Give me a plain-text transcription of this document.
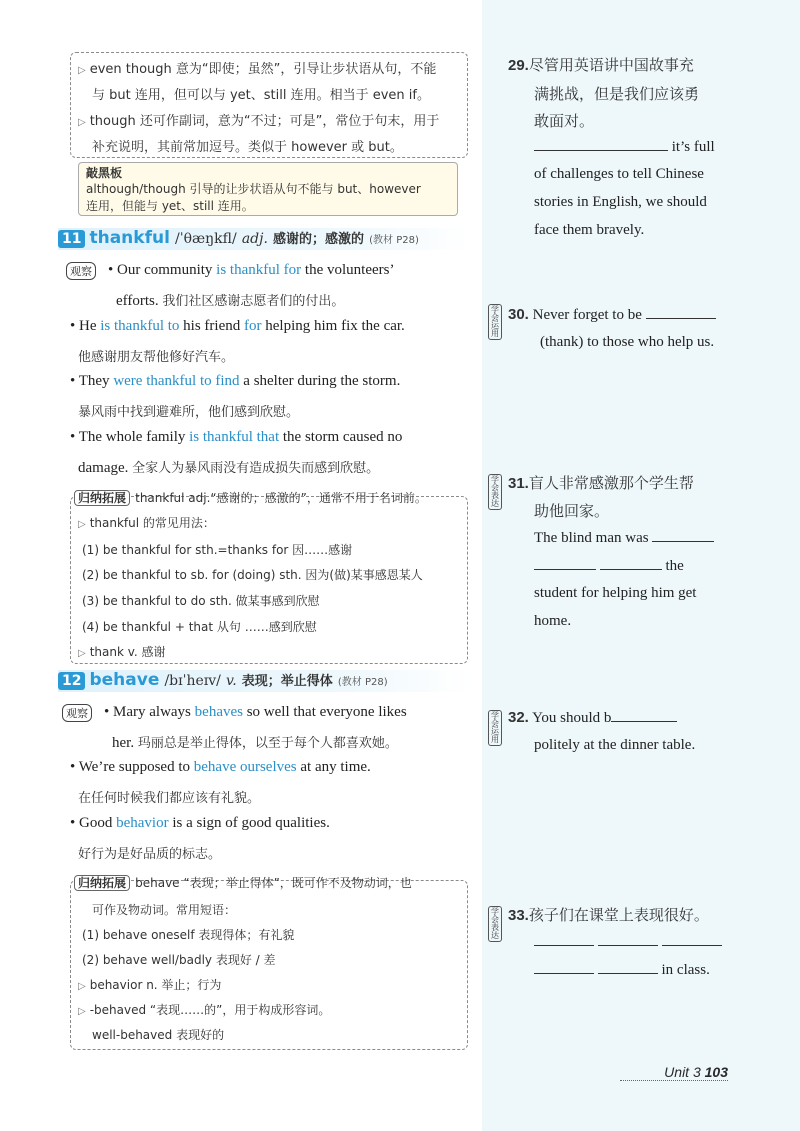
▷ even though 意为“即使；虽然”，引导让步状语从句，不能
与 but 连用，但可以与 yet、still 连用。相当于 even if。
▷ though 还可作副词，意为“不过；可是”，常位于句末，用于
补充说明，其前常加逗号。类似于 however 或 but。
敲黑板
although/though 引导的让步状语从句不能与 but、however
连用，但能与 yet、still 连用。
11 thankful /ˈθæŋkfl/ adj. 感谢的；感激的 (教材 P28)
观察 • Our community is thankful for the volunteers’
efforts. 我们社区感谢志愿者们的付出。
• He is thankful to his friend for helping him fix the car.
他感谢朋友帮他修好汽车。
• They were thankful to find a shelter during the storm.
暴风雨中找到避难所，他们感到欣慰。
• The whole family is thankful that the storm caused no
damage. 全家人为暴风雨没有造成损失而感到欣慰。
归纳拓展 thankful adj.“感谢的；感激的”，通常不用于名词前。
▷ thankful 的常见用法：
(1) be thankful for sth.=thanks for 因……感谢
(2) be thankful to sb. for (doing) sth. 因为(做)某事感恩某人
(3) be thankful to do sth. 做某事感到欣慰
(4) be thankful + that 从句 ……感到欣慰
▷ thank v. 感谢
12 behave /bɪˈheɪv/ v. 表现；举止得体 (教材 P28)
观察 • Mary always behaves so well that everyone likes
her. 玛丽总是举止得体，以至于每个人都喜欢她。
• We’re supposed to behave ourselves at any time.
在任何时候我们都应该有礼貌。
• Good behavior is a sign of good qualities.
好行为是好品质的标志。
归纳拓展 behave “表现；举止得体”，既可作不及物动词，也
可作及物动词。常用短语：
(1) behave oneself 表现得体；有礼貌
(2) behave well/badly 表现好 / 差
▷ behavior n. 举止；行为
▷ -behaved “表现……的”，用于构成形容词。
well-behaved 表现好的
29.尽管用英语讲中国故事充
满挑战，但是我们应该勇
敢面对。
it’s full
of challenges to tell Chinese
stories in English, we should
face them bravely.
学会运用
30. Never forget to be
(thank) to those who help us.
学会表达
31.盲人非常感激那个学生帮
助他回家。
The blind man was
the
student for helping him get
home.
学会运用
32. You should b
politely at the dinner table.
学会表达
33.孩子们在课堂上表现很好。

in class.
Unit 3 103
